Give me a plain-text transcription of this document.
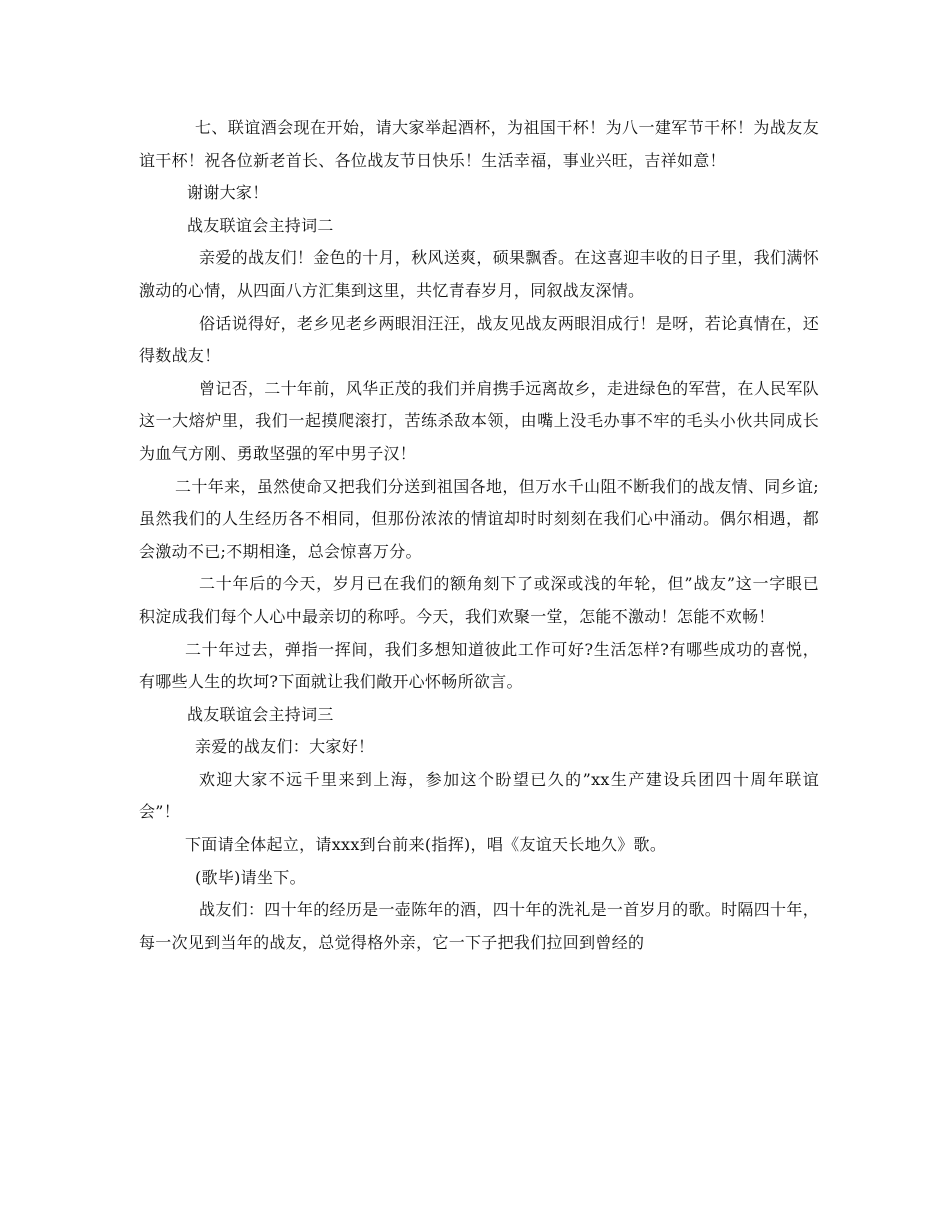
七、联谊酒会现在开始，请大家举起酒杯，为祖国干杯！为八一建军节干杯！为战友友谊干杯！祝各位新老首长、各位战友节日快乐！生活幸福，事业兴旺，吉祥如意！

谢谢大家！

战友联谊会主持词二

亲爱的战友们！金色的十月，秋风送爽，硕果飘香。在这喜迎丰收的日子里，我们满怀激动的心情，从四面八方汇集到这里，共忆青春岁月，同叙战友深情。

俗话说得好，老乡见老乡两眼泪汪汪，战友见战友两眼泪成行！是呀，若论真情在，还得数战友！

曾记否，二十年前，风华正茂的我们并肩携手远离故乡，走进绿色的军营，在人民军队这一大熔炉里，我们一起摸爬滚打，苦练杀敌本领，由嘴上没毛办事不牢的毛头小伙共同成长为血气方刚、勇敢坚强的军中男子汉！

二十年来，虽然使命又把我们分送到祖国各地，但万水千山阻不断我们的战友情、同乡谊;虽然我们的人生经历各不相同，但那份浓浓的情谊却时时刻刻在我们心中涌动。偶尔相遇，都会激动不已;不期相逢，总会惊喜万分。

二十年后的今天，岁月已在我们的额角刻下了或深或浅的年轮，但”战友”这一字眼已积淀成我们每个人心中最亲切的称呼。今天，我们欢聚一堂，怎能不激动！怎能不欢畅！

二十年过去，弹指一挥间，我们多想知道彼此工作可好?生活怎样?有哪些成功的喜悦，有哪些人生的坎坷?下面就让我们敞开心怀畅所欲言。

战友联谊会主持词三

亲爱的战友们：大家好！

欢迎大家不远千里来到上海，参加这个盼望已久的”xx生产建设兵团四十周年联谊会”！

下面请全体起立，请xxx到台前来(指挥)，唱《友谊天长地久》歌。

(歌毕)请坐下。

战友们：四十年的经历是一壶陈年的酒，四十年的洗礼是一首岁月的歌。时隔四十年，每一次见到当年的战友，总觉得格外亲，它一下子把我们拉回到曾经的
